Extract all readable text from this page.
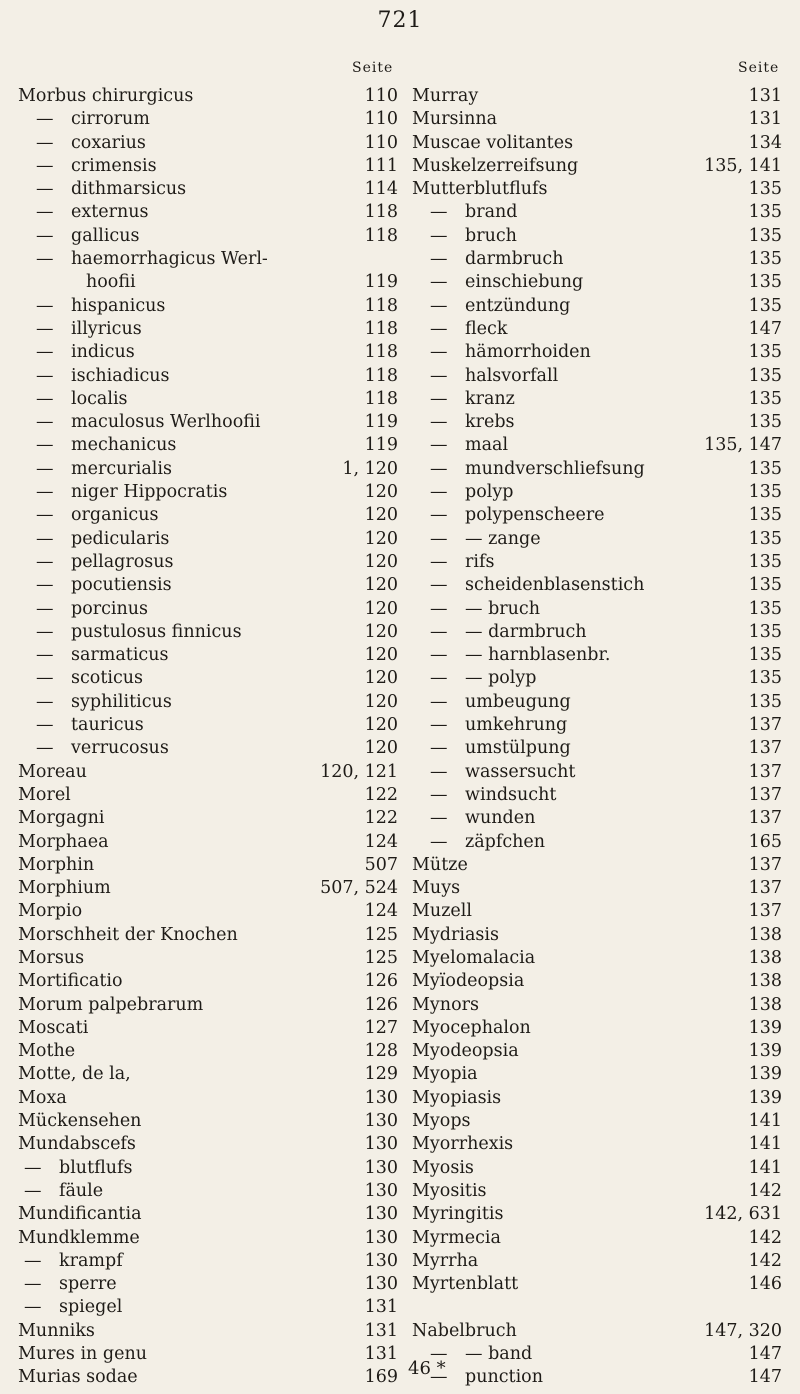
721
Seite	Seite
Morbus chirurgicus	110
— cirrorum	110
— coxarius	110
— crimensis	111
— dithmarsicus	114
— externus	118
— gallicus	118
— haemorrhagicus Werl-
hoofii	119
— hispanicus	118
— illyricus	118
— indicus	118
— ischiadicus	118
— localis	118
— maculosus Werlhoofii	119
— mechanicus	119
— mercurialis	1, 120
— niger Hippocratis	120
— organicus	120
— pedicularis	120
— pellagrosus	120
— pocutiensis	120
— porcinus	120
— pustulosus finnicus	120
— sarmaticus	120
— scoticus	120
— syphiliticus	120
— tauricus	120
— verrucosus	120
Moreau	120, 121
Morel	122
Morgagni	122
Morphaea	124
Morphin	507
Morphium	507, 524
Morpio	124
Morschheit der Knochen	125
Morsus	125
Mortificatio	126
Morum palpebrarum	126
Moscati	127
Mothe	128
Motte, de la,	129
Moxa	130
Mückensehen	130
Mundabscefs	130
— blutflufs	130
— fäule	130
Mundificantia	130
Mundklemme	130
— krampf	130
— sperre	130
— spiegel	131
Munniks	131
Mures in genu	131
Murias sodae	169
Murray	131
Mursinna	131
Muscae volitantes	134
Muskelzerreifsung	135, 141
Mutterblutflufs	135
— brand	135
— bruch	135
— darmbruch	135
— einschiebung	135
— entzündung	135
— fleck	147
— hämorrhoiden	135
— halsvorfall	135
— kranz	135
— krebs	135
— maal	135, 147
— mundverschliefsung	135
— polyp	135
— polypenscheere	135
— — zange	135
— rifs	135
— scheidenblasenstich	135
— — bruch	135
— — darmbruch	135
— — harnblasenbr.	135
— — polyp	135
— umbeugung	135
— umkehrung	137
— umstülpung	137
— wassersucht	137
— windsucht	137
— wunden	137
— zäpfchen	165
Mütze	137
Muys	137
Muzell	137
Mydriasis	138
Myelomalacia	138
Myïodeopsia	138
Mynors	138
Myocephalon	139
Myodeopsia	139
Myopia	139
Myopiasis	139
Myops	141
Myorrhexis	141
Myosis	141
Myositis	142
Myringitis	142, 631
Myrmecia	142
Myrrha	142
Myrtenblatt	146
Nabelbruch	147, 320
— — band	147
— punction	147
46 *
